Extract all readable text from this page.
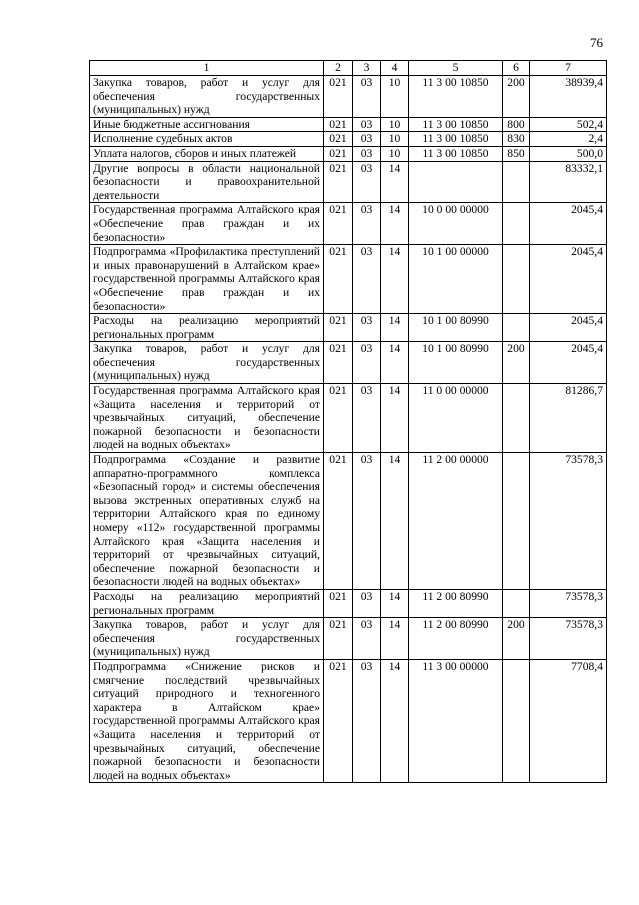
76
1	2	3	4	5	6	7
Закупка товаров, работ и услуг для обеспечения государственных (муниципальных) нужд	021	03	10	11 3 00 10850	200	38939,4
Иные бюджетные ассигнования	021	03	10	11 3 00 10850	800	502,4
Исполнение судебных актов	021	03	10	11 3 00 10850	830	2,4
Уплата налогов, сборов и иных платежей	021	03	10	11 3 00 10850	850	500,0
Другие вопросы в области национальной безопасности и правоохранительной деятельности	021	03	14			83332,1
Государственная программа Алтайского края «Обеспечение прав граждан и их безопасности»	021	03	14	10 0 00 00000		2045,4
Подпрограмма «Профилактика преступлений и иных правонарушений в Алтайском крае» государственной программы Алтайского края «Обеспечение прав граждан и их безопасности»	021	03	14	10 1 00 00000		2045,4
Расходы на реализацию мероприятий региональных программ	021	03	14	10 1 00 80990		2045,4
Закупка товаров, работ и услуг для обеспечения государственных (муниципальных) нужд	021	03	14	10 1 00 80990	200	2045,4
Государственная программа Алтайского края «Защита населения и территорий от чрезвычайных ситуаций, обеспечение пожарной безопасности и безопасности людей на водных объектах»	021	03	14	11 0 00 00000		81286,7
Подпрограмма «Создание и развитие аппаратно-программного комплекса «Безопасный город» и системы обеспечения вызова экстренных оперативных служб на территории Алтайского края по единому номеру «112» государственной программы Алтайского края «Защита населения и территорий от чрезвычайных ситуаций, обеспечение пожарной безопасности и безопасности людей на водных объектах»	021	03	14	11 2 00 00000		73578,3
Расходы на реализацию мероприятий региональных программ	021	03	14	11 2 00 80990		73578,3
Закупка товаров, работ и услуг для обеспечения государственных (муниципальных) нужд	021	03	14	11 2 00 80990	200	73578,3
Подпрограмма «Снижение рисков и смягчение последствий чрезвычайных ситуаций природного и техногенного характера в Алтайском крае» государственной программы Алтайского края «Защита населения и территорий от чрезвычайных ситуаций, обеспечение пожарной безопасности и безопасности людей на водных объектах»	021	03	14	11 3 00 00000		7708,4
